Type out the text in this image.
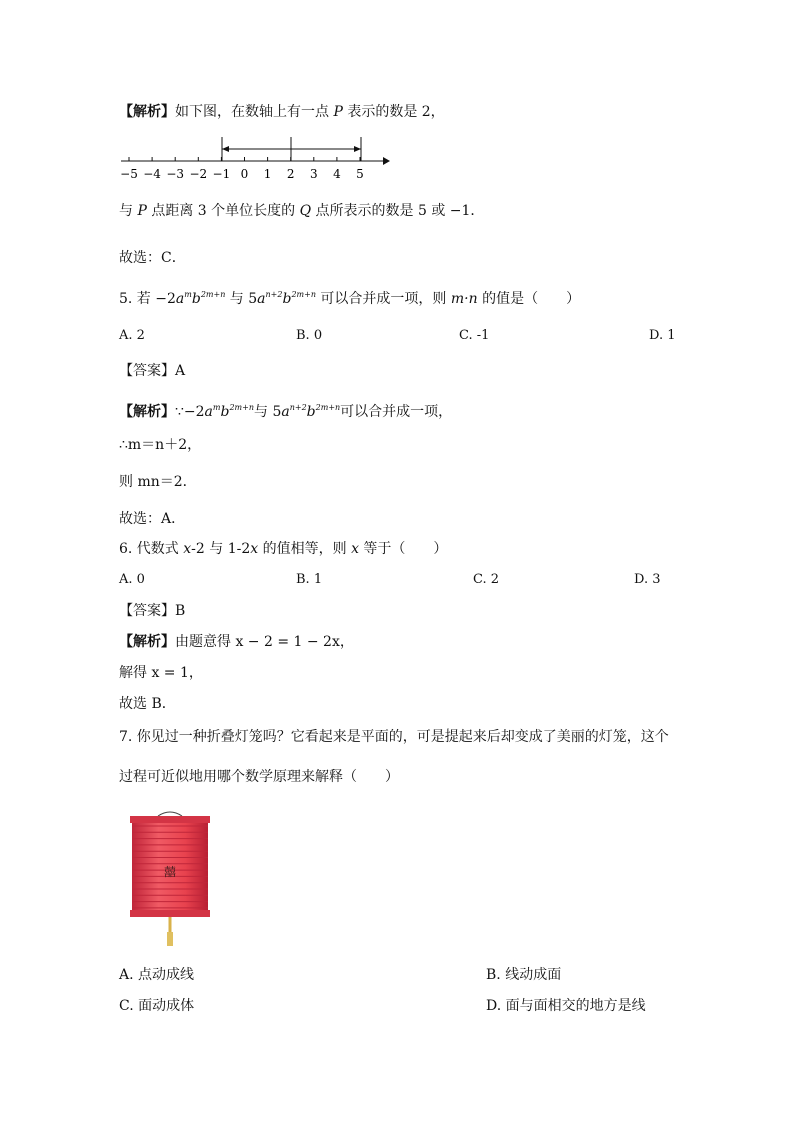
【解析】如下图，在数轴上有一点 P 表示的数是 2，
−5 −4 −3 −2 −1 0 1 2 3 4 5
与 P 点距离 3 个单位长度的 Q 点所表示的数是 5 或 −1．
故选：C．
5. 若 $-2a^mb^{2m+n}$ 与 $5a^{n+2}b^{2m+n}$ 可以合并成一项，则 m·n 的值是（　　）
A. 2	B. 0	C. -1	D. 1
【答案】A
【解析】$\because-2a^mb^{2m+n}$与 $5a^{n+2}b^{2m+n}$可以合并成一项，
∴m＝n＋2，
则 mn＝2．
故选：A．
6. 代数式 x-2 与 1-2x 的值相等，则 x 等于（　　）
A. 0	B. 1	C. 2	D. 3
【答案】B
【解析】由题意得 x − 2 = 1 − 2x，
解得 x = 1，
故选 B．
7. 你见过一种折叠灯笼吗？它看起来是平面的，可是提起来后却变成了美丽的灯笼，这个
过程可近似地用哪个数学原理来解释（　　）
囍
A. 点动成线	B. 线动成面
C. 面动成体	D. 面与面相交的地方是线
